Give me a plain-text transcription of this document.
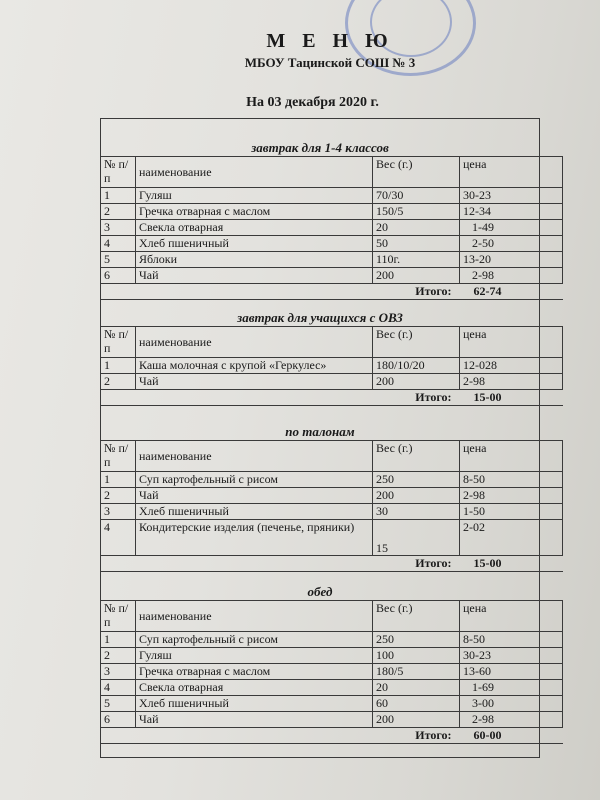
М Е Н Ю
МБОУ Тацинской СОШ № 3
На 03 декабря 2020 г.
завтрак для 1-4 классов
№ п/п	наименование	Вес (г.)	цена
1	Гуляш	70/30	30-23
2	Гречка отварная с маслом	150/5	12-34
3	Свекла отварная	20	1-49
4	Хлеб пшеничный	50	2-50
5	Яблоки	110г.	13-20
6	Чай	200	2-98
		Итого:	62-74
завтрак для учащихся с ОВЗ
№ п/п	наименование	Вес (г.)	цена
1	Каша молочная с крупой «Геркулес»	180/10/20	12-028
2	Чай	200	2-98
		Итого:	15-00
по талонам
№ п/п	наименование	Вес (г.)	цена
1	Суп картофельный с рисом	250	8-50
2	Чай	200	2-98
3	Хлеб пшеничный	30	1-50
4	Кондитерские изделия (печенье, пряники)	15	2-02
		Итого:	15-00
обед
№ п/п	наименование	Вес (г.)	цена
1	Суп картофельный с рисом	250	8-50
2	Гуляш	100	30-23
3	Гречка отварная с маслом	180/5	13-60
4	Свекла отварная	20	1-69
5	Хлеб пшеничный	60	3-00
6	Чай	200	2-98
		Итого:	60-00
